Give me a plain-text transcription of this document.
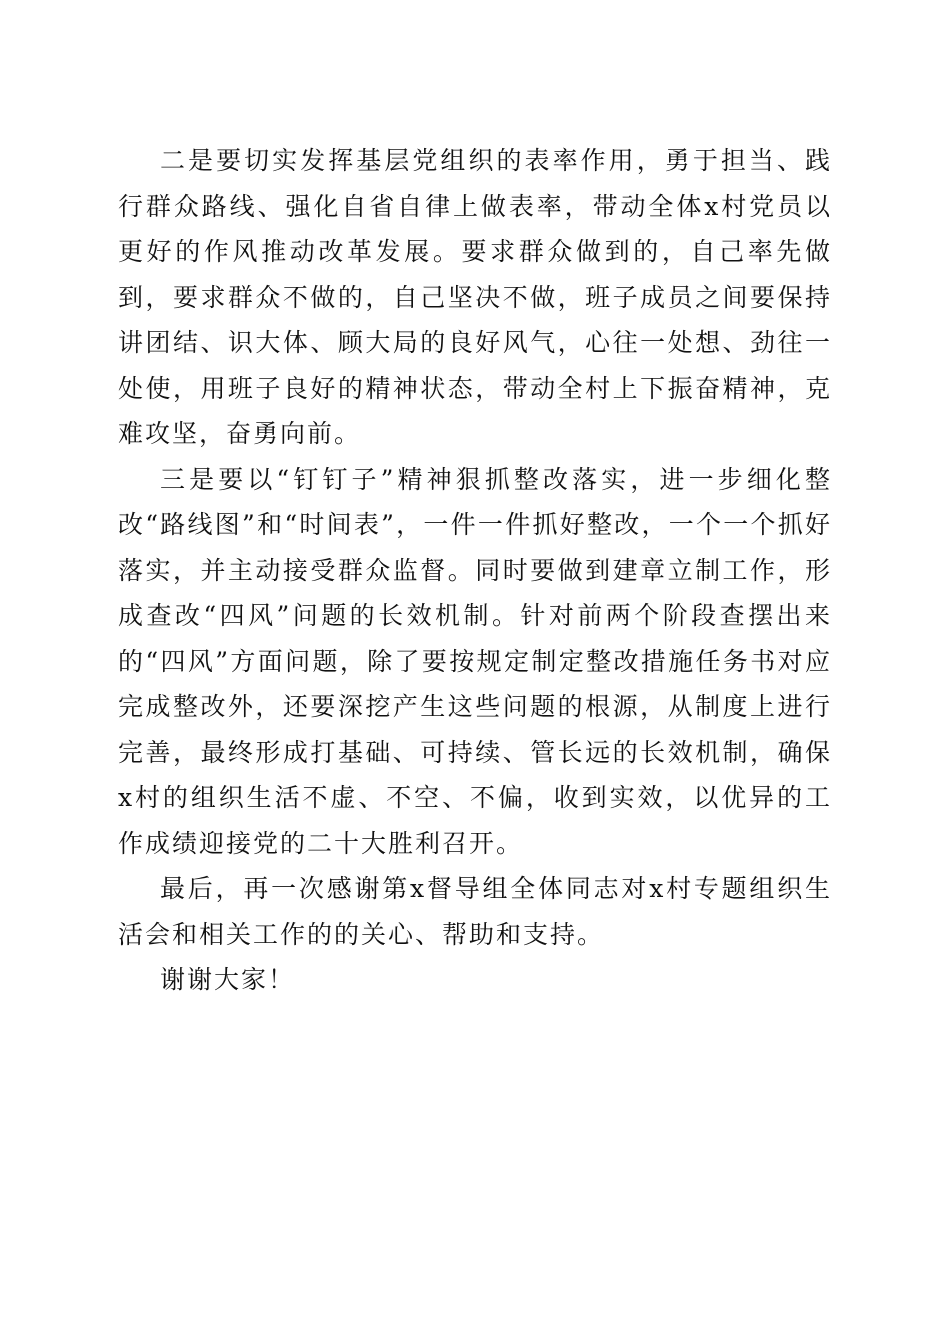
二是要切实发挥基层党组织的表率作用，勇于担当、践行群众路线、强化自省自律上做表率，带动全体x村党员以更好的作风推动改革发展。要求群众做到的，自己率先做到，要求群众不做的，自己坚决不做，班子成员之间要保持讲团结、识大体、顾大局的良好风气，心往一处想、劲往一处使，用班子良好的精神状态，带动全村上下振奋精神，克难攻坚，奋勇向前。

三是要以“钉钉子”精神狠抓整改落实，进一步细化整改“路线图”和“时间表”，一件一件抓好整改，一个一个抓好落实，并主动接受群众监督。同时要做到建章立制工作，形成查改“四风”问题的长效机制。针对前两个阶段查摆出来的“四风”方面问题，除了要按规定制定整改措施任务书对应完成整改外，还要深挖产生这些问题的根源，从制度上进行完善，最终形成打基础、可持续、管长远的长效机制，确保x村的组织生活不虚、不空、不偏，收到实效，以优异的工作成绩迎接党的二十大胜利召开。

最后，再一次感谢第x督导组全体同志对x村专题组织生活会和相关工作的的关心、帮助和支持。

谢谢大家！
